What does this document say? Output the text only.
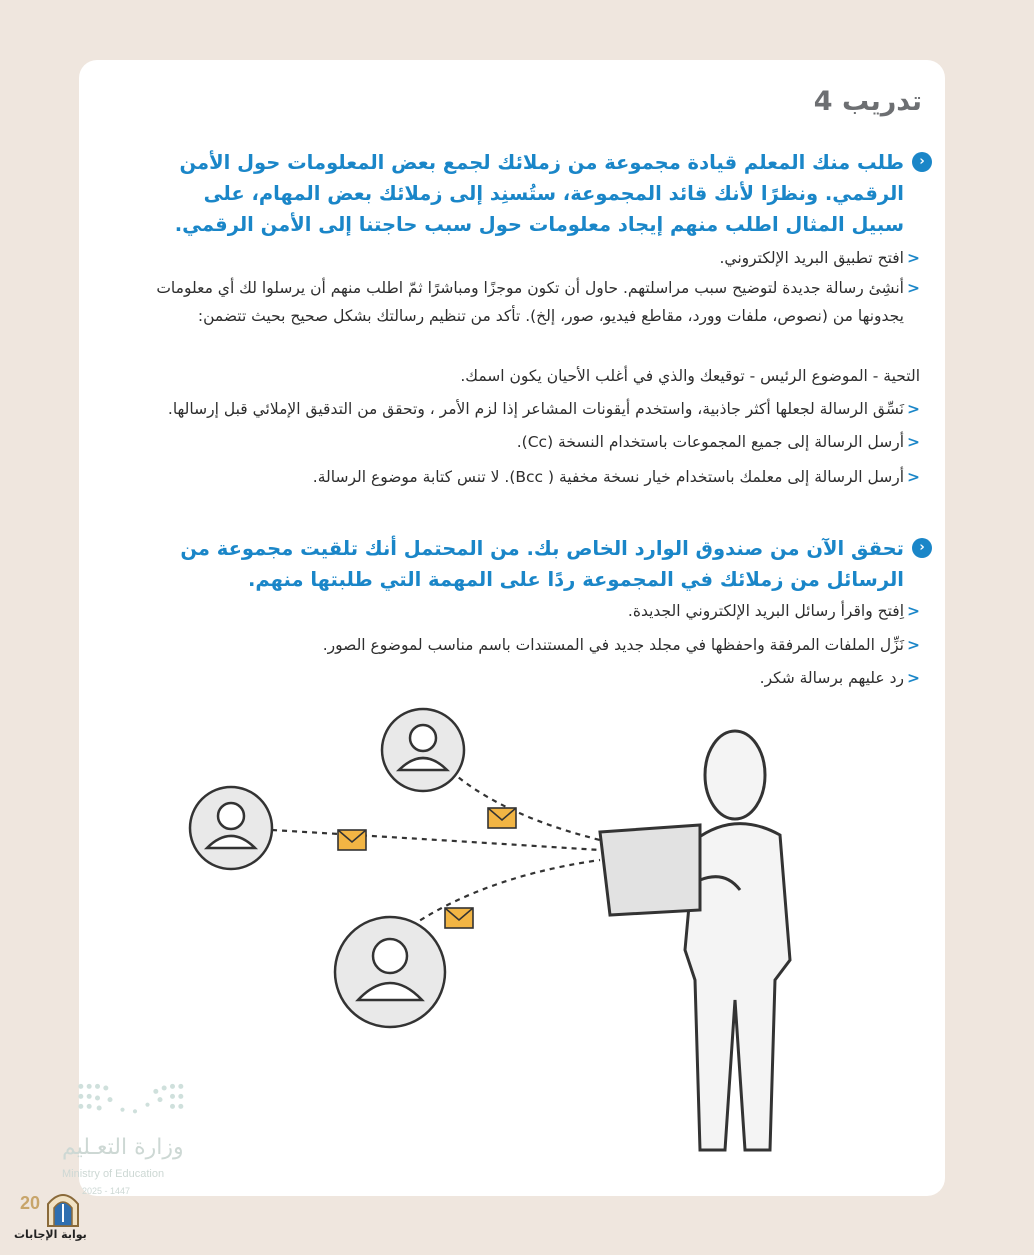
تدريب 4
‹
طلب منك المعلم قيادة مجموعة من زملائك لجمع بعض المعلومات حول الأمن الرقمي. ونظرًا لأنك قائد المجموعة، ستُسنِد إلى زملائك بعض المهام، على سبيل المثال اطلب منهم إيجاد معلومات حول سبب حاجتنا إلى الأمن الرقمي.
<
افتح تطبيق البريد الإلكتروني.
<
أنشِئ رسالة جديدة لتوضيح سبب مراسلتهم. حاول أن تكون موجزًا ومباشرًا ثمّ اطلب منهم أن يرسلوا لك أي معلومات يجدونها من (نصوص، ملفات وورد، مقاطع فيديو، صور، إلخ). تأكد من تنظيم رسالتك بشكل صحيح بحيث تتضمن:
التحية - الموضوع الرئيس - توقيعك والذي في أغلب الأحيان يكون اسمك.
<
نَسِّق الرسالة لجعلها أكثر جاذبية، واستخدم أيقونات المشاعر إذا لزم الأمر ، وتحقق من التدقيق الإملائي قبل إرسالها.
<
أرسل الرسالة إلى جميع المجموعات باستخدام النسخة (Cc).
<
أرسل الرسالة إلى معلمك باستخدام خيار نسخة مخفية ( Bcc). لا تنس كتابة موضوع الرسالة.
‹
تحقق الآن من صندوق الوارد الخاص بك. من المحتمل أنك تلقيت مجموعة من الرسائل من زملائك في المجموعة ردًا على المهمة التي طلبتها منهم.
<
اِفتح واقرأ رسائل البريد الإلكتروني الجديدة.
<
نَزِّل الملفات المرفقة واحفظها في مجلد جديد في المستندات باسم مناسب لموضوع الصور.
<
رد عليهم برسالة شكر.
وزارة التعـليم
Ministry of Education
2025 - 1447
20
بوابة الإجابات
